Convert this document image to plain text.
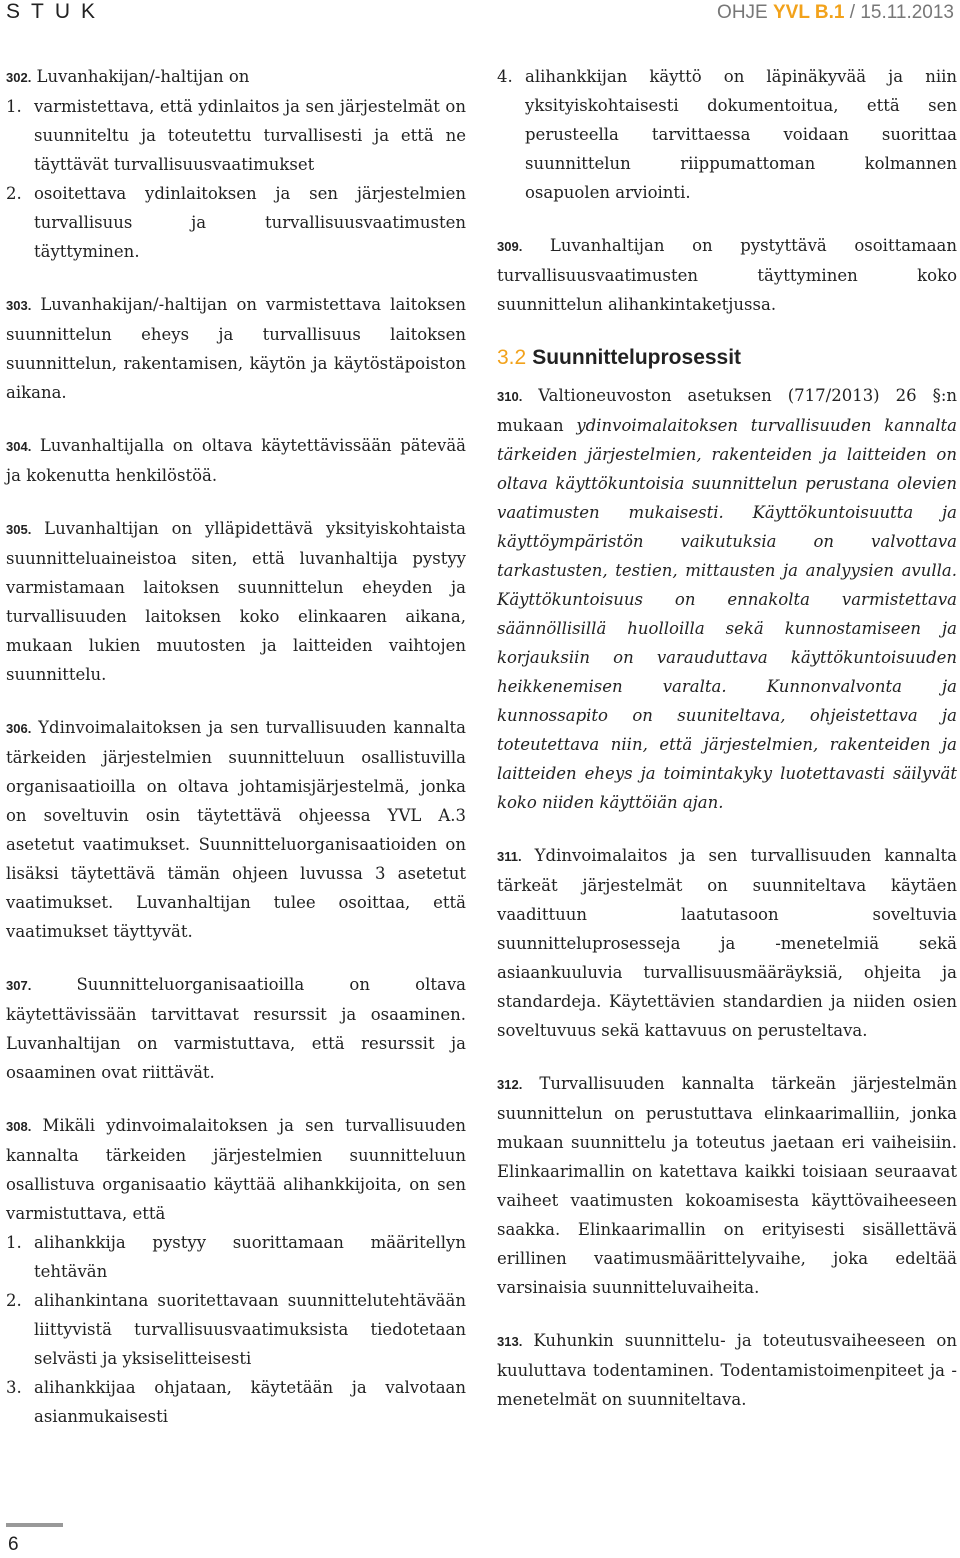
STUK	OHJE YVL B.1 / 15.11.2013

302. Luvanhakijan/-haltijan on

1. varmistettava, että ydinlaitos ja sen järjestelmät on suunniteltu ja toteutettu turvallisesti ja että ne täyttävät turvallisuusvaatimukset
2. osoitettava ydinlaitoksen ja sen järjestelmien turvallisuus ja turvallisuusvaatimusten täyttyminen.

303. Luvanhakijan/-haltijan on varmistettava laitoksen suunnittelun eheys ja turvallisuus laitoksen suunnittelun, rakentamisen, käytön ja käytöstäpoiston aikana.

304. Luvanhaltijalla on oltava käytettävissään pätevää ja kokenutta henkilöstöä.

305. Luvanhaltijan on ylläpidettävä yksityiskohtaista suunnitteluaineistoa siten, että luvanhaltija pystyy varmistamaan laitoksen suunnittelun eheyden ja turvallisuuden laitoksen koko elinkaaren aikana, mukaan lukien muutosten ja laitteiden vaihtojen suunnittelu.

306. Ydinvoimalaitoksen ja sen turvallisuuden kannalta tärkeiden järjestelmien suunnitteluun osallistuvilla organisaatioilla on oltava johtamisjärjestelmä, jonka on soveltuvin osin täytettävä ohjeessa YVL A.3 asetetut vaatimukset. Suunnitteluorganisaatioiden on lisäksi täytettävä tämän ohjeen luvussa 3 asetetut vaatimukset. Luvanhaltijan tulee osoittaa, että vaatimukset täyttyvät.

307. Suunnitteluorganisaatioilla on oltava käytettävissään tarvittavat resurssit ja osaaminen. Luvanhaltijan on varmistuttava, että resurssit ja osaaminen ovat riittävät.

308. Mikäli ydinvoimalaitoksen ja sen turvallisuuden kannalta tärkeiden järjestelmien suunnitteluun osallistuva organisaatio käyttää alihankkijoita, on sen varmistuttava, että

1. alihankkija pystyy suorittamaan määritellyn tehtävän
2. alihankintana suoritettavaan suunnittelutehtävään liittyvistä turvallisuusvaatimuksista tiedotetaan selvästi ja yksiselitteisesti
3. alihankkijaa ohjataan, käytetään ja valvotaan asianmukaisesti
4. alihankkijan käyttö on läpinäkyvää ja niin yksityiskohtaisesti dokumentoitua, että sen perusteella tarvittaessa voidaan suorittaa suunnittelun riippumattoman kolmannen osapuolen arviointi.

309. Luvanhaltijan on pystyttävä osoittamaan turvallisuusvaatimusten täyttyminen koko suunnittelun alihankintaketjussa.

3.2 Suunnitteluprosessit

310. Valtioneuvoston asetuksen (717/2013) 26 §:n mukaan ydinvoimalaitoksen turvallisuuden kannalta tärkeiden järjestelmien, rakenteiden ja laitteiden on oltava käyttökuntoisia suunnittelun perustana olevien vaatimusten mukaisesti. Käyttökuntoisuutta ja käyttöympäristön vaikutuksia on valvottava tarkastusten, testien, mittausten ja analyysien avulla. Käyttökuntoisuus on ennakolta varmistettava säännöllisillä huolloilla sekä kunnostamiseen ja korjauksiin on varauduttava käyttökuntoisuuden heikkenemisen varalta. Kunnonvalvonta ja kunnossapito on suuniteltava, ohjeistettava ja toteutettava niin, että järjestelmien, rakenteiden ja laitteiden eheys ja toimintakyky luotettavasti säilyvät koko niiden käyttöiän ajan.

311. Ydinvoimalaitos ja sen turvallisuuden kannalta tärkeät järjestelmät on suunniteltava käytäen vaadittuun laatutasoon soveltuvia suunnitteluprosesseja ja -menetelmiä sekä asiaankuuluvia turvallisuusmääräyksiä, ohjeita ja standardeja. Käytettävien standardien ja niiden osien soveltuvuus sekä kattavuus on perusteltava.

312. Turvallisuuden kannalta tärkeän järjestelmän suunnittelun on perustuttava elinkaarimalliin, jonka mukaan suunnittelu ja toteutus jaetaan eri vaiheisiin. Elinkaarimallin on katettava kaikki toisiaan seuraavat vaiheet vaatimusten kokoamisesta käyttövaiheeseen saakka. Elinkaarimallin on erityisesti sisällettävä erillinen vaatimusmäärittelyvaihe, joka edeltää varsinaisia suunnitteluvaiheita.

313. Kuhunkin suunnittelu- ja toteutusvaiheeseen on kuuluttava todentaminen. Todentamistoimenpiteet ja -menetelmät on suunniteltava.

6
